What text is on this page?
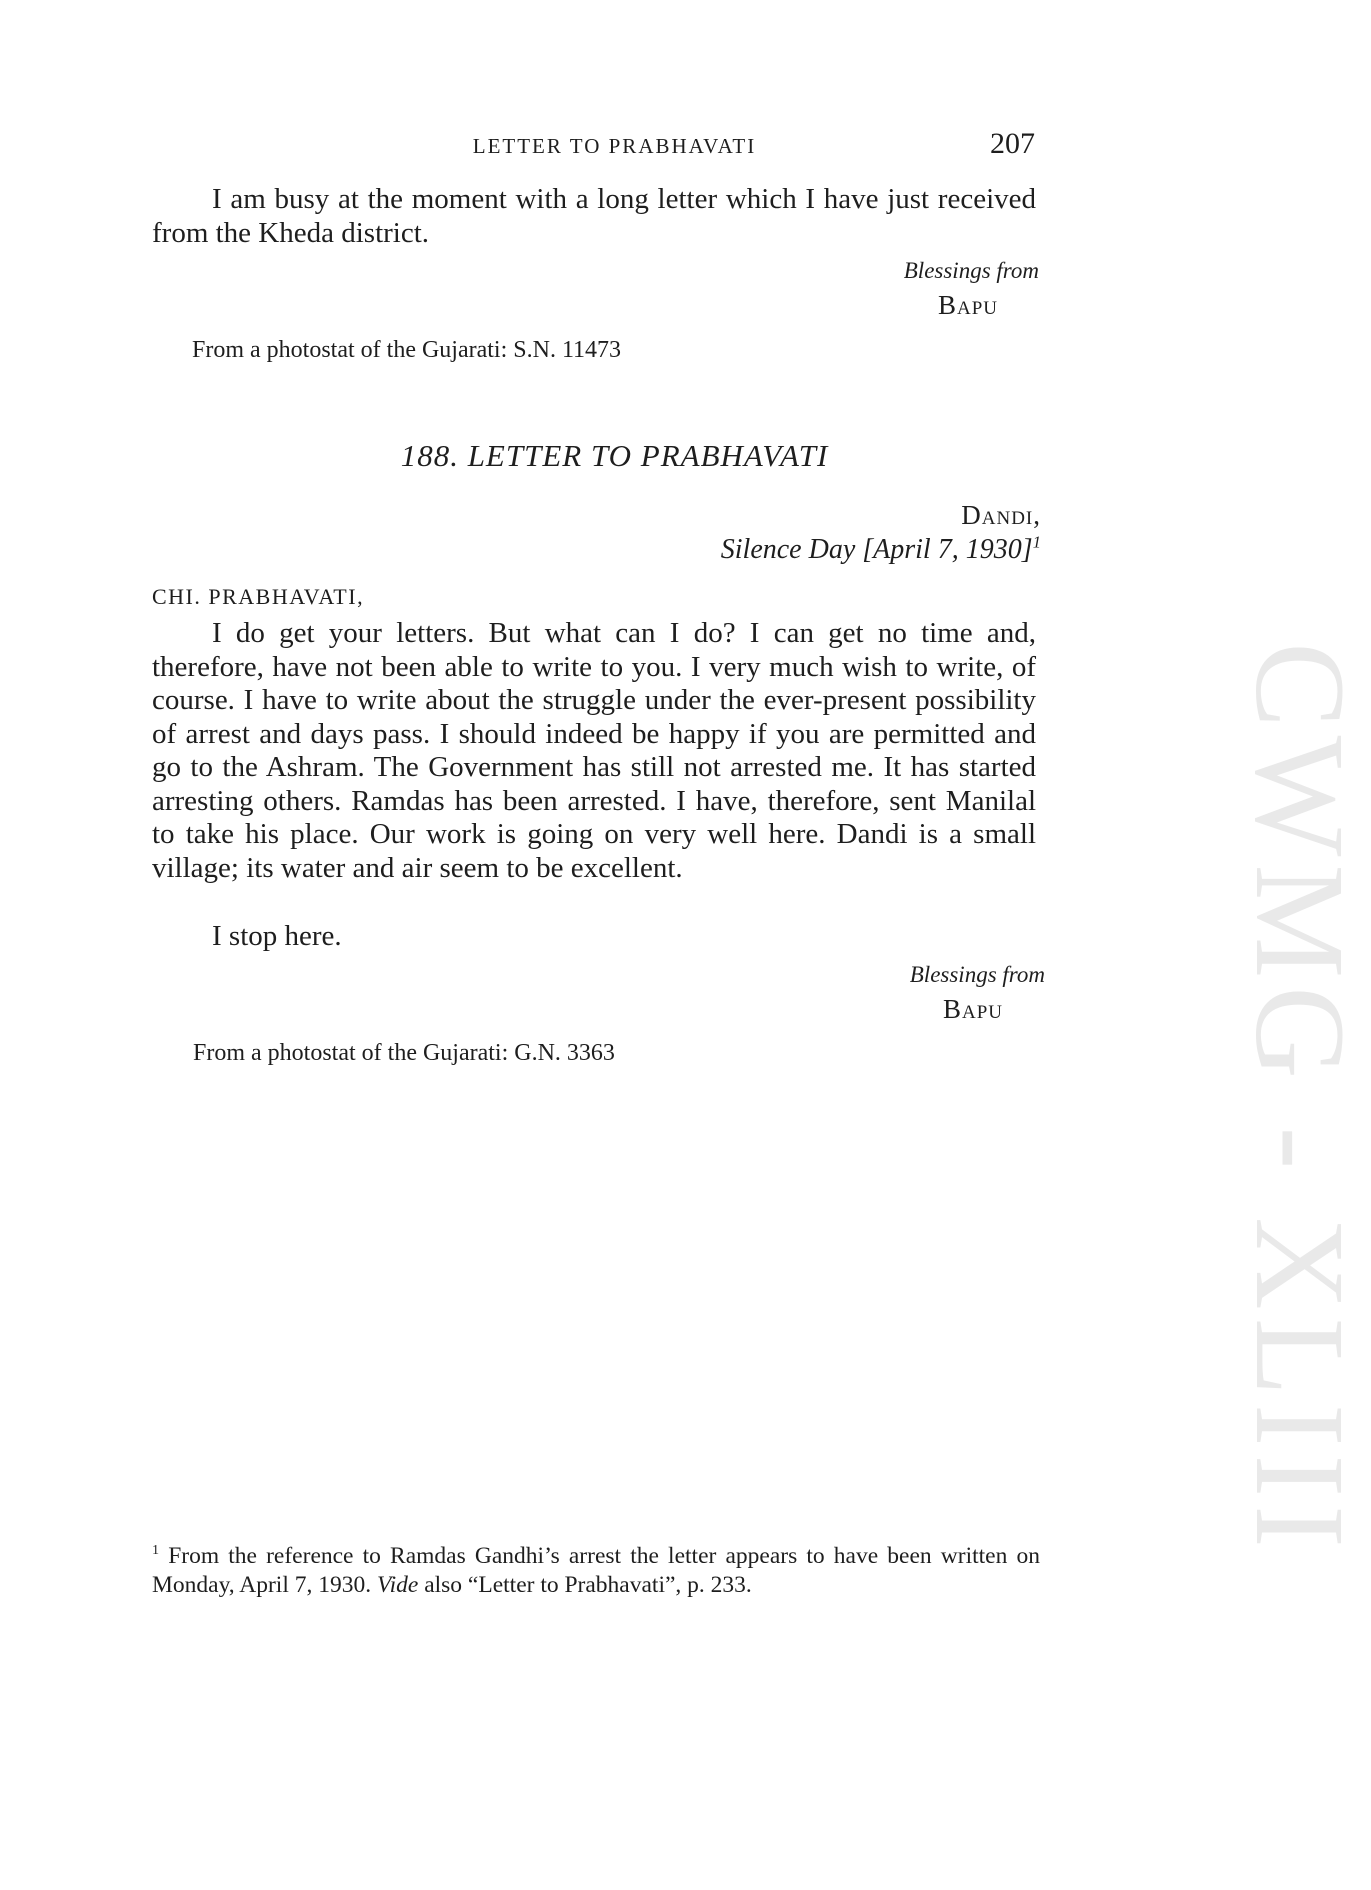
CWMG - XLIII
LETTER TO PRABHAVATI	207
I am busy at the moment with a long letter which I have just received from the Kheda district.
Blessings from
Bapu
From a photostat of the Gujarati: S.N. 11473
188. LETTER TO PRABHAVATI
Dandi,
Silence Day [April 7, 1930]$^1$
CHI. PRABHAVATI,
I do get your letters. But what can I do? I can get no time and, therefore, have not been able to write to you. I very much wish to write, of course. I have to write about the struggle under the ever-present possibility of arrest and days pass. I should indeed be happy if you are permitted and go to the Ashram. The Government has still not arrested me. It has started arresting others. Ramdas has been arrested. I have, therefore, sent Manilal to take his place. Our work is going on very well here. Dandi is a small village; its water and air seem to be excellent.
I stop here.
Blessings from
Bapu
From a photostat of the Gujarati: G.N. 3363
$^1$ From the reference to Ramdas Gandhi’s arrest the letter appears to have been written on Monday, April 7, 1930. Vide also “Letter to Prabhavati”, p. 233.
